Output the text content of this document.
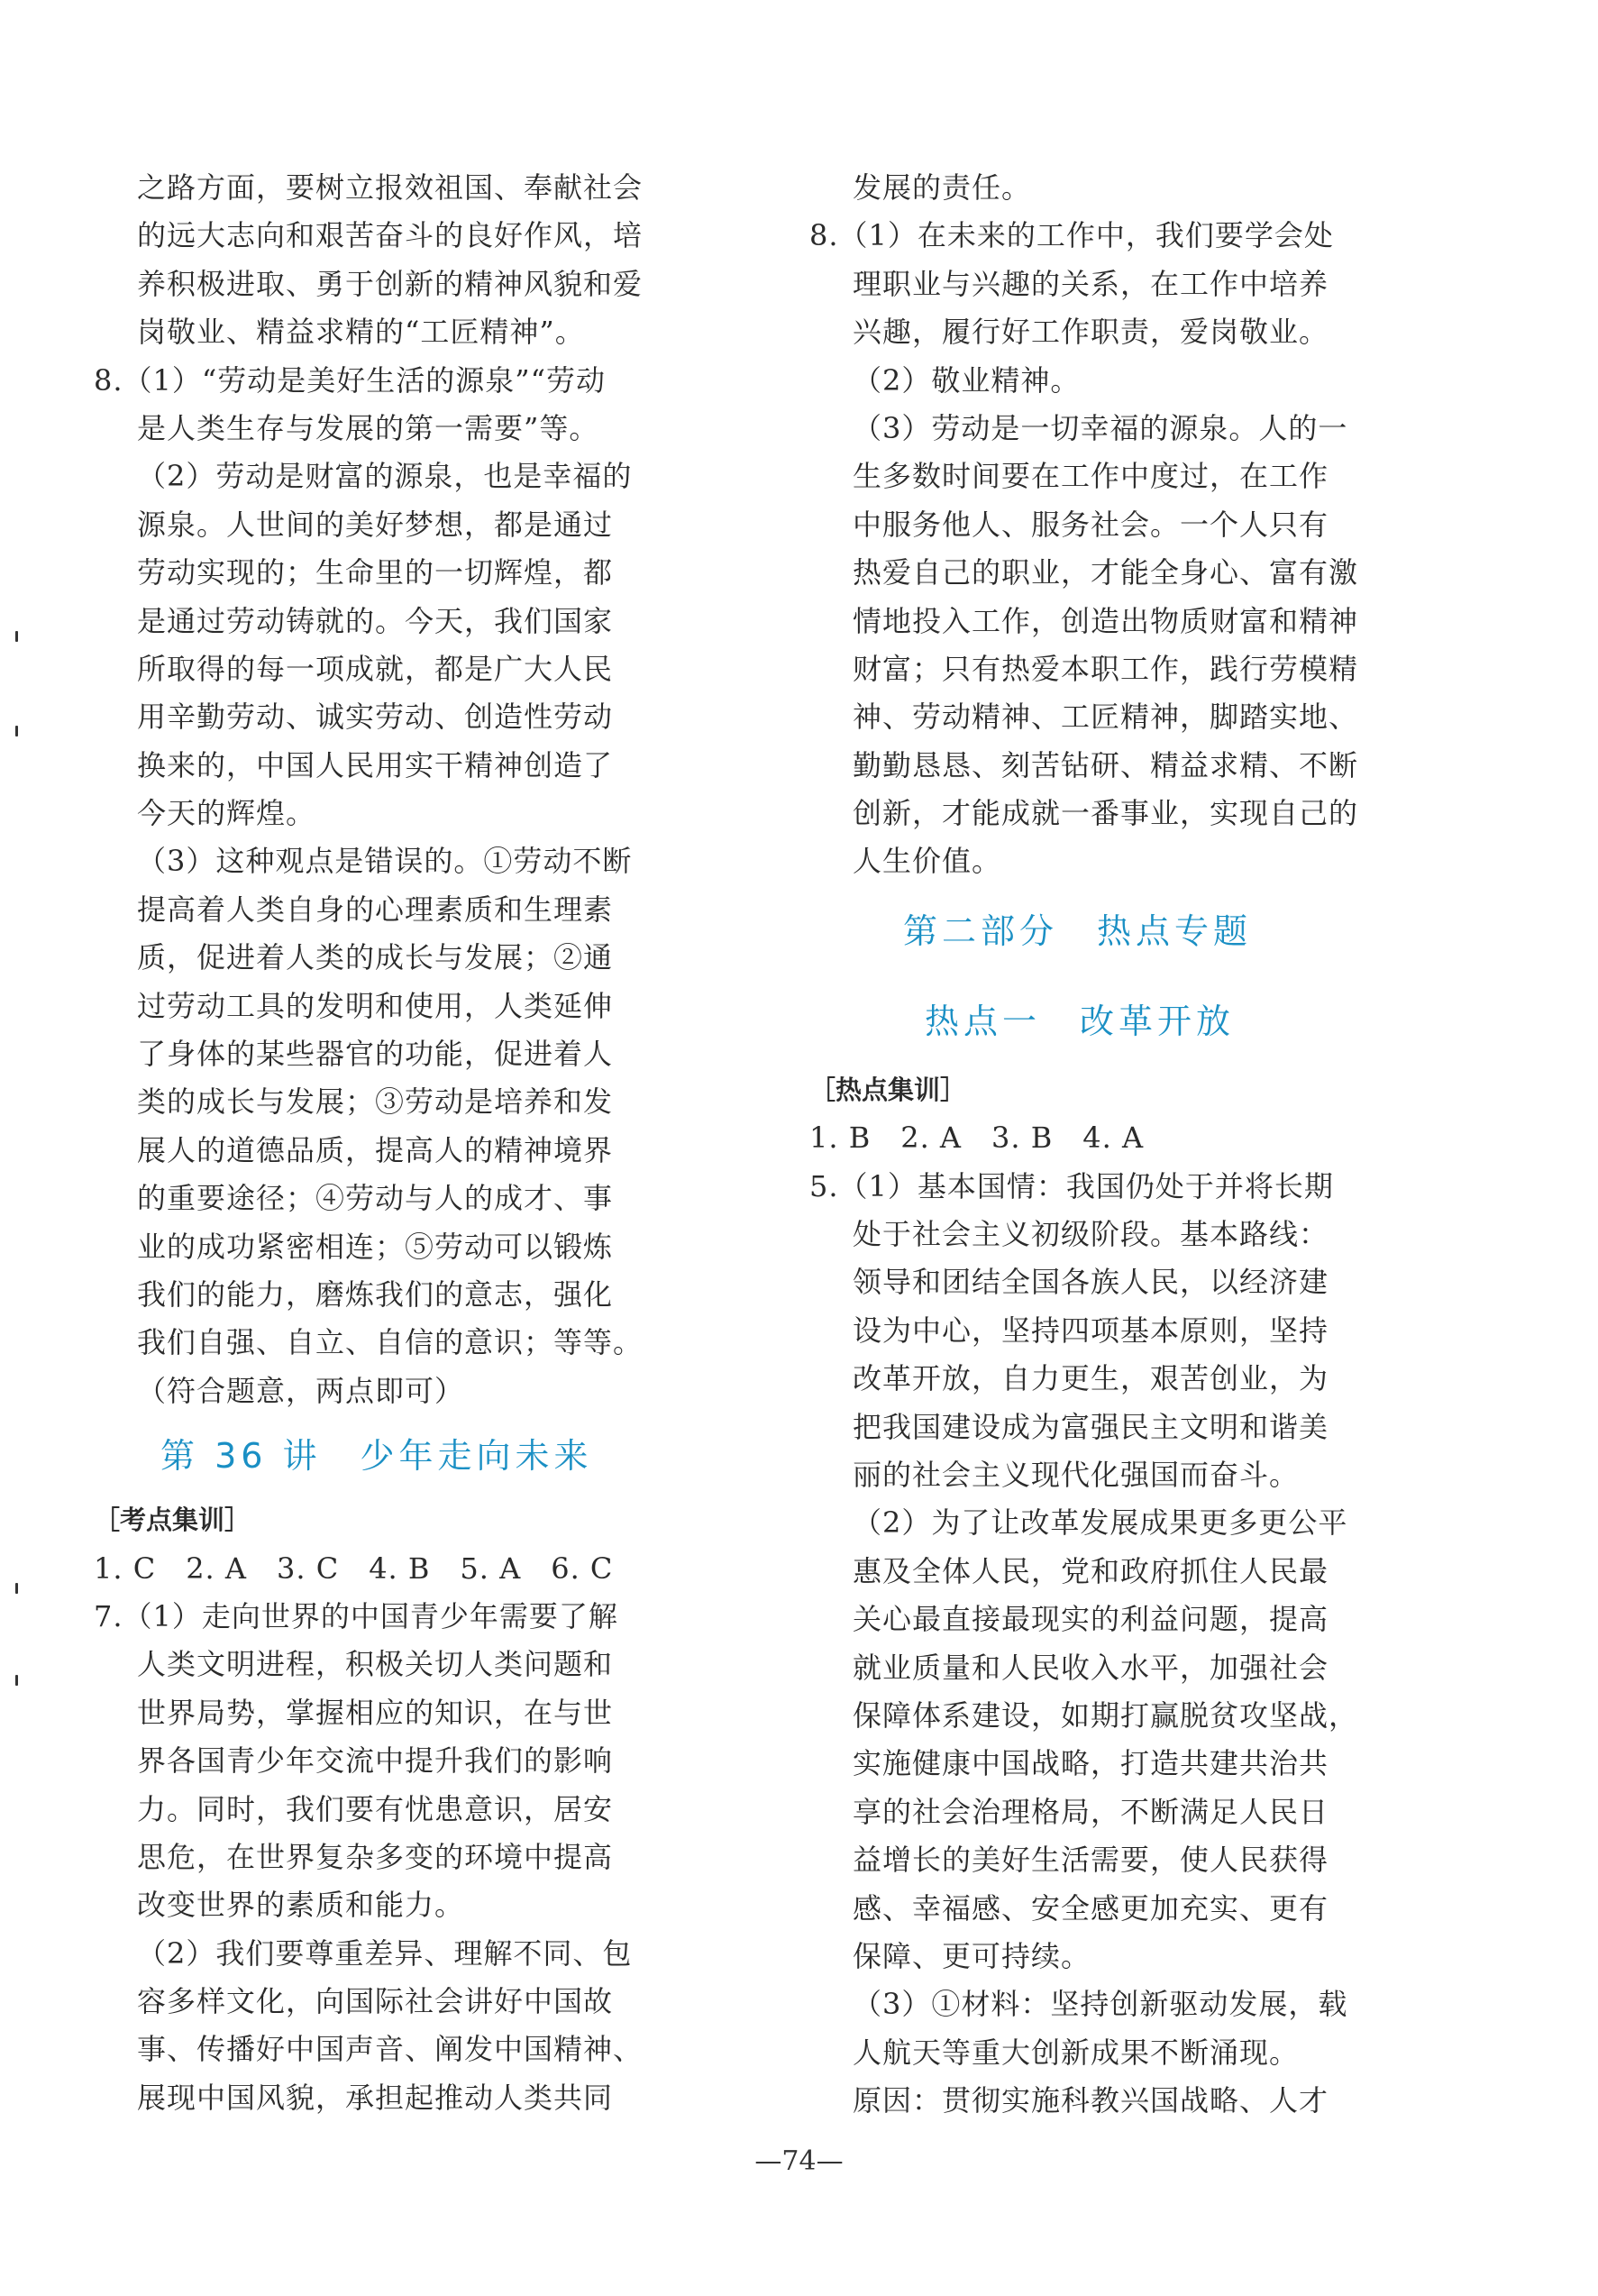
之路方面，要树立报效祖国、奉献社会
的远大志向和艰苦奋斗的良好作风，培
养积极进取、勇于创新的精神风貌和爱
岗敬业、精益求精的“工匠精神”。
8.（1）“劳动是美好生活的源泉”“劳动
是人类生存与发展的第一需要”等。
（2）劳动是财富的源泉，也是幸福的
源泉。人世间的美好梦想，都是通过
劳动实现的；生命里的一切辉煌，都
是通过劳动铸就的。今天，我们国家
所取得的每一项成就，都是广大人民
用辛勤劳动、诚实劳动、创造性劳动
换来的，中国人民用实干精神创造了
今天的辉煌。
（3）这种观点是错误的。①劳动不断
提高着人类自身的心理素质和生理素
质，促进着人类的成长与发展；②通
过劳动工具的发明和使用，人类延伸
了身体的某些器官的功能，促进着人
类的成长与发展；③劳动是培养和发
展人的道德品质，提高人的精神境界
的重要途径；④劳动与人的成才、事
业的成功紧密相连；⑤劳动可以锻炼
我们的能力，磨炼我们的意志，强化
我们自强、自立、自信的意识；等等。
（符合题意，两点即可）
第 36 讲　少年走向未来
［考点集训］
1. C　2. A　3. C　4. B　5. A　6. C
7.（1）走向世界的中国青少年需要了解
人类文明进程，积极关切人类问题和
世界局势，掌握相应的知识，在与世
界各国青少年交流中提升我们的影响
力。同时，我们要有忧患意识，居安
思危，在世界复杂多变的环境中提高
改变世界的素质和能力。
（2）我们要尊重差异、理解不同、包
容多样文化，向国际社会讲好中国故
事、传播好中国声音、阐发中国精神、
展现中国风貌，承担起推动人类共同
发展的责任。
8.（1）在未来的工作中，我们要学会处
理职业与兴趣的关系，在工作中培养
兴趣，履行好工作职责，爱岗敬业。
（2）敬业精神。
（3）劳动是一切幸福的源泉。人的一
生多数时间要在工作中度过，在工作
中服务他人、服务社会。一个人只有
热爱自己的职业，才能全身心、富有激
情地投入工作，创造出物质财富和精神
财富；只有热爱本职工作，践行劳模精
神、劳动精神、工匠精神，脚踏实地、
勤勤恳恳、刻苦钻研、精益求精、不断
创新，才能成就一番事业，实现自己的
人生价值。
第二部分　热点专题
热点一　改革开放
［热点集训］
1. B　2. A　3. B　4. A
5.（1）基本国情：我国仍处于并将长期
处于社会主义初级阶段。基本路线：
领导和团结全国各族人民，以经济建
设为中心，坚持四项基本原则，坚持
改革开放，自力更生，艰苦创业，为
把我国建设成为富强民主文明和谐美
丽的社会主义现代化强国而奋斗。
（2）为了让改革发展成果更多更公平
惠及全体人民，党和政府抓住人民最
关心最直接最现实的利益问题，提高
就业质量和人民收入水平，加强社会
保障体系建设，如期打赢脱贫攻坚战，
实施健康中国战略，打造共建共治共
享的社会治理格局，不断满足人民日
益增长的美好生活需要，使人民获得
感、幸福感、安全感更加充实、更有
保障、更可持续。
（3）①材料：坚持创新驱动发展，载
人航天等重大创新成果不断涌现。
原因：贯彻实施科教兴国战略、人才
—74—
